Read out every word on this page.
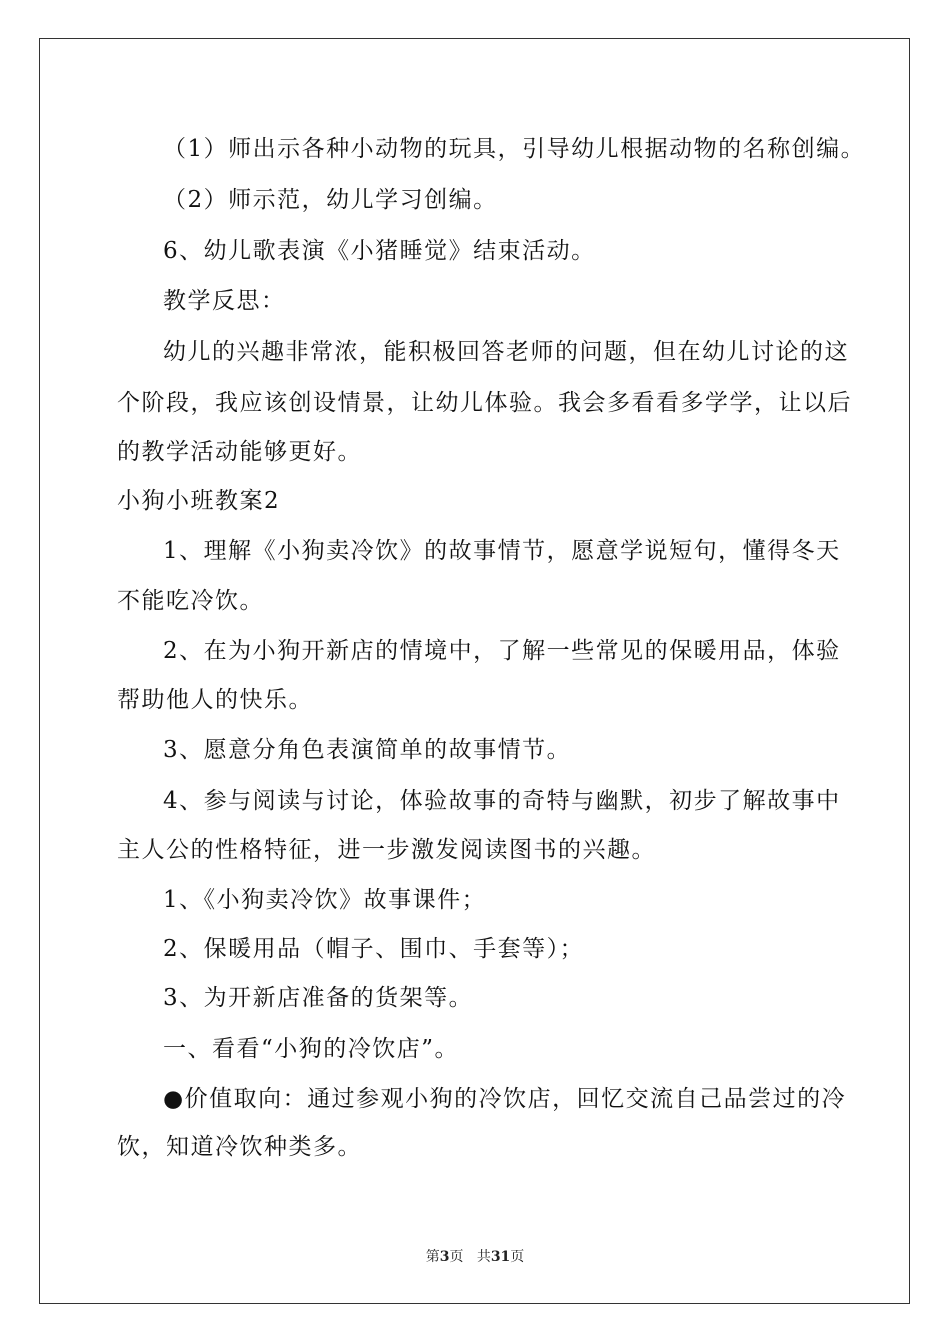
（1）师出示各种小动物的玩具，引导幼儿根据动物的名称创编。
（2）师示范，幼儿学习创编。
6、幼儿歌表演《小猪睡觉》结束活动。
教学反思：
幼儿的兴趣非常浓，能积极回答老师的问题，但在幼儿讨论的这
个阶段，我应该创设情景，让幼儿体验。我会多看看多学学，让以后
的教学活动能够更好。
小狗小班教案2
1、理解《小狗卖冷饮》的故事情节，愿意学说短句，懂得冬天
不能吃冷饮。
2、在为小狗开新店的情境中，了解一些常见的保暖用品，体验
帮助他人的快乐。
3、愿意分角色表演简单的故事情节。
4、参与阅读与讨论，体验故事的奇特与幽默，初步了解故事中
主人公的性格特征，进一步激发阅读图书的兴趣。
1、《小狗卖冷饮》故事课件；
2、保暖用品（帽子、围巾、手套等）；
3、为开新店准备的货架等。
一、看看“小狗的冷饮店”。
●价值取向：通过参观小狗的冷饮店，回忆交流自己品尝过的冷
饮，知道冷饮种类多。
第3页 共31页
